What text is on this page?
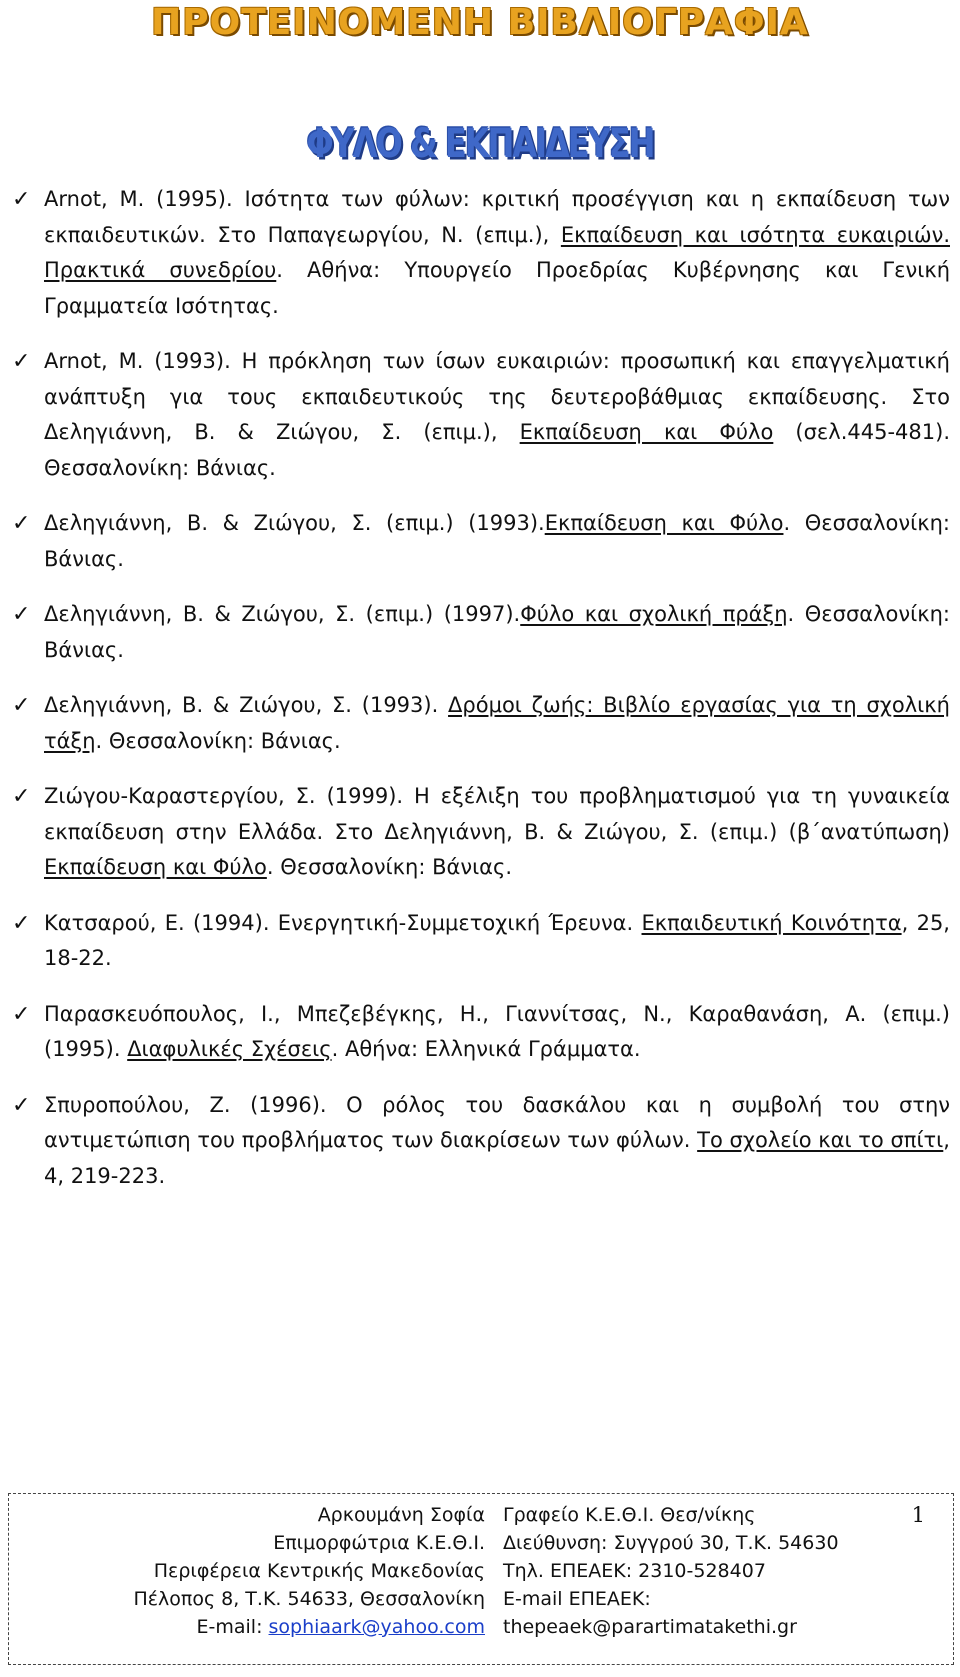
ΠΡΟΤΕΙΝΟΜΕΝΗ ΒΙΒΛΙΟΓΡΑΦΙΑ
ΦΥΛΟ & ΕΚΠΑΙΔΕΥΣΗ
✓ Arnot, M. (1995). Ισότητα των φύλων: κριτική προσέγγιση και η εκπαίδευση των εκπαιδευτικών. Στο Παπαγεωργίου, Ν. (επιμ.), Εκπαίδευση και ισότητα ευκαιριών. Πρακτικά συνεδρίου. Αθήνα: Υπουργείο Προεδρίας Κυβέρνησης και Γενική Γραμματεία Ισότητας.
✓ Arnot, M. (1993). Η πρόκληση των ίσων ευκαιριών: προσωπική και επαγγελματική ανάπτυξη για τους εκπαιδευτικούς της δευτεροβάθμιας εκπαίδευσης. Στο Δεληγιάννη, Β. & Ζιώγου, Σ. (επιμ.), Εκπαίδευση και Φύλο (σελ.445-481). Θεσσαλονίκη: Βάνιας.
✓ Δεληγιάννη, Β. & Ζιώγου, Σ. (επιμ.) (1993).Εκπαίδευση και Φύλο. Θεσσαλονίκη: Βάνιας.
✓ Δεληγιάννη, Β. & Ζιώγου, Σ. (επιμ.) (1997).Φύλο και σχολική πράξη. Θεσσαλονίκη: Βάνιας.
✓ Δεληγιάννη, Β. & Ζιώγου, Σ. (1993). Δρόμοι ζωής: Βιβλίο εργασίας για τη σχολική τάξη. Θεσσαλονίκη: Βάνιας.
✓ Ζιώγου-Καραστεργίου, Σ. (1999). Η εξέλιξη του προβληματισμού για τη γυναικεία εκπαίδευση στην Ελλάδα. Στο Δεληγιάννη, Β. & Ζιώγου, Σ. (επιμ.) (β΄ανατύπωση) Εκπαίδευση και Φύλο. Θεσσαλονίκη: Βάνιας.
✓ Κατσαρού, Ε. (1994). Ενεργητική-Συμμετοχική Έρευνα. Εκπαιδευτική Κοινότητα, 25, 18-22.
✓ Παρασκευόπουλος, Ι., Μπεζεβέγκης, Η., Γιαννίτσας, Ν., Καραθανάση, Α. (επιμ.) (1995). Διαφυλικές Σχέσεις. Αθήνα: Ελληνικά Γράμματα.
✓ Σπυροπούλου, Ζ. (1996). Ο ρόλος του δασκάλου και η συμβολή του στην αντιμετώπιση του προβλήματος των διακρίσεων των φύλων. Το σχολείο και το σπίτι, 4, 219-223.
Αρκουμάνη Σοφία
Επιμορφώτρια Κ.Ε.Θ.Ι.
Περιφέρεια Κεντρικής Μακεδονίας
Πέλοπος 8, Τ.Κ. 54633, Θεσσαλονίκη
E-mail: sophiaark@yahoo.com
Γραφείο Κ.Ε.Θ.Ι. Θεσ/νίκης
Διεύθυνση: Συγγρού 30, Τ.Κ. 54630
Τηλ. ΕΠΕΑΕΚ: 2310-528407
E-mail ΕΠΕΑΕΚ:
thepeaek@parartimatakethi.gr
1
